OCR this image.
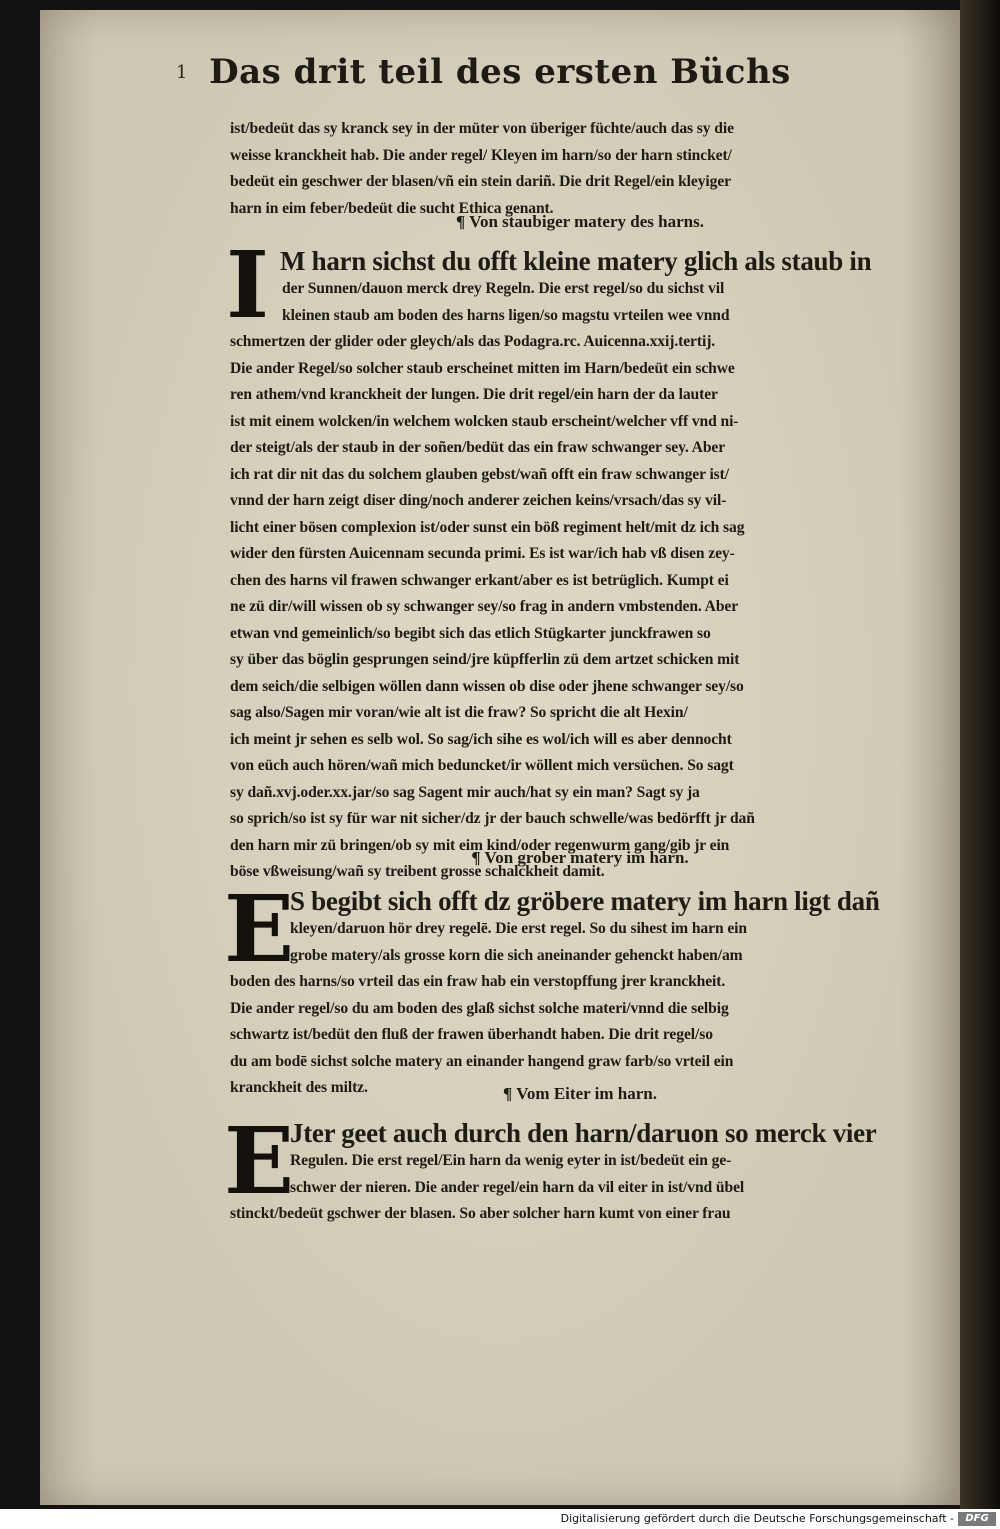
1 Das drit teil des ersten Büchs
ist/bedeüt das sy kranck sey in der müter von überiger füchte/auch das sy die
weisse kranckheit hab. Die ander regel/ Kleyen im harn/so der harn stincket/
bedeüt ein geschwer der blasen/vñ ein stein dariñ. Die drit Regel/ein kleyiger
harn in eim feber/bedeüt die sucht Ethica genant.
¶ Von staubiger matery des harns.
I M harn sichst du offt kleine matery glich als staub in
der Sunnen/dauon merck drey Regeln. Die erst regel/so du sichst vil
kleinen staub am boden des harns ligen/so magstu vrteilen wee vnnd
schmertzen der glider oder gleych/als das Podagra.rc. Auicenna.xxij.tertij.
Die ander Regel/so solcher staub erscheinet mitten im Harn/bedeüt ein schwe
ren athem/vnd kranckheit der lungen. Die drit regel/ein harn der da lauter
ist mit einem wolcken/in welchem wolcken staub erscheint/welcher vff vnd ni-
der steigt/als der staub in der soñen/bedüt das ein fraw schwanger sey. Aber
ich rat dir nit das du solchem glauben gebst/wañ offt ein fraw schwanger ist/
vnnd der harn zeigt diser ding/noch anderer zeichen keins/vrsach/das sy vil-
licht einer bösen complexion ist/oder sunst ein böß regiment helt/mit dz ich sag
wider den fürsten Auicennam secunda primi. Es ist war/ich hab vß disen zey-
chen des harns vil frawen schwanger erkant/aber es ist betrüglich. Kumpt ei
ne zü dir/will wissen ob sy schwanger sey/so frag in andern vmbstenden. Aber
etwan vnd gemeinlich/so begibt sich das etlich Stügkarter junckfrawen so
sy über das böglin gesprungen seind/jre küpfferlin zü dem artzet schicken mit
dem seich/die selbigen wöllen dann wissen ob dise oder jhene schwanger sey/so
sag also/Sagen mir voran/wie alt ist die fraw? So spricht die alt Hexin/
ich meint jr sehen es selb wol. So sag/ich sihe es wol/ich will es aber dennocht
von eüch auch hören/wañ mich beduncket/ir wöllent mich versüchen. So sagt
sy dañ.xvj.oder.xx.jar/so sag Sagent mir auch/hat sy ein man? Sagt sy ja
so sprich/so ist sy für war nit sicher/dz jr der bauch schwelle/was bedörfft jr dañ
den harn mir zü bringen/ob sy mit eim kind/oder regenwurm gang/gib jr ein
böse vßweisung/wañ sy treibent grosse schalckheit damit.
¶ Von grober matery im harn.
E
S begibt sich offt dz gröbere matery im harn ligt dañ
kleyen/daruon hör drey regelē. Die erst regel. So du sihest im harn ein
grobe matery/als grosse korn die sich aneinander gehenckt haben/am
boden des harns/so vrteil das ein fraw hab ein verstopffung jrer kranckheit.
Die ander regel/so du am boden des glaß sichst solche materi/vnnd die selbig
schwartz ist/bedüt den fluß der frawen überhandt haben. Die drit regel/so
du am bodē sichst solche matery an einander hangend graw farb/so vrteil ein
kranckheit des miltz.	¶ Vom Eiter im harn.
E
Jter geet auch durch den harn/daruon so merck vier
Regulen. Die erst regel/Ein harn da wenig eyter in ist/bedeüt ein ge-
schwer der nieren. Die ander regel/ein harn da vil eiter in ist/vnd übel
stinckt/bedeüt gschwer der blasen. So aber solcher harn kumt von einer frau
Digitalisierung gefördert durch die Deutsche Forschungsgemeinschaft -	DFG
